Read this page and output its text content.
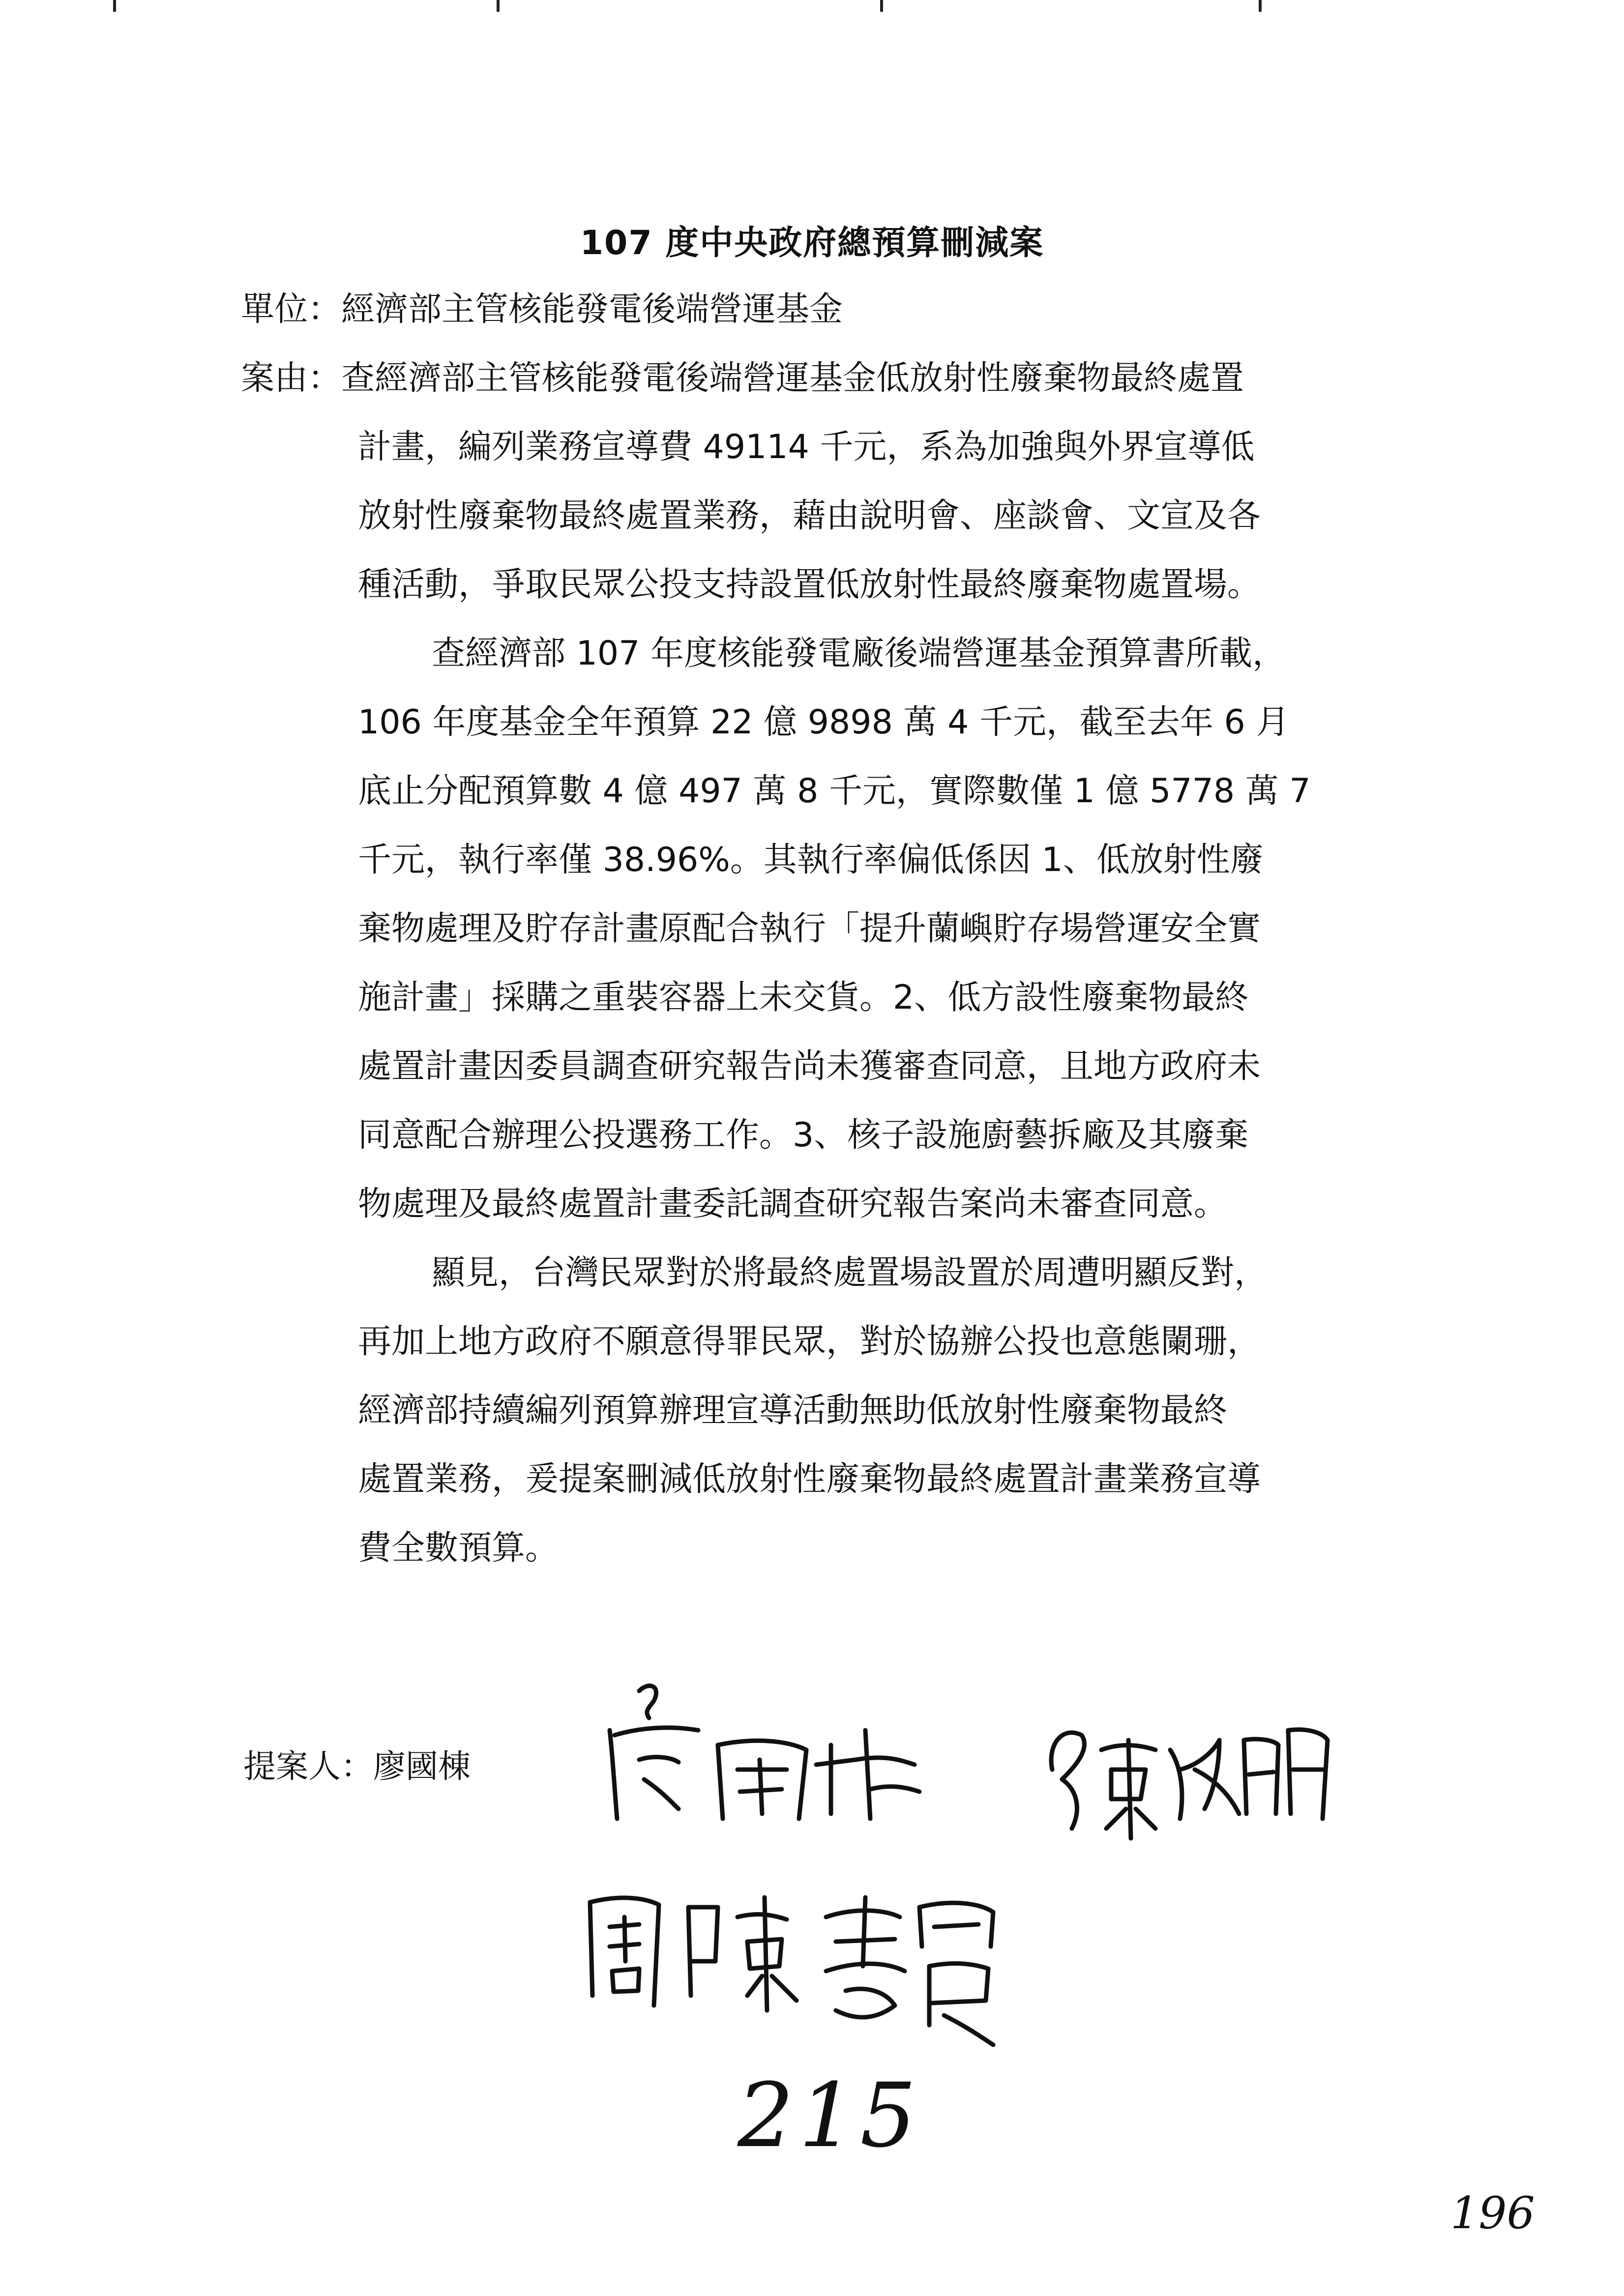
107 度中央政府總預算刪減案
單位：經濟部主管核能發電後端營運基金
案由：查經濟部主管核能發電後端營運基金低放射性廢棄物最終處置
計畫，編列業務宣導費 49114 千元，系為加強與外界宣導低
放射性廢棄物最終處置業務，藉由說明會、座談會、文宣及各
種活動，爭取民眾公投支持設置低放射性最終廢棄物處置場。
查經濟部 107 年度核能發電廠後端營運基金預算書所載，
106 年度基金全年預算 22 億 9898 萬 4 千元，截至去年 6 月
底止分配預算數 4 億 497 萬 8 千元，實際數僅 1 億 5778 萬 7
千元，執行率僅 38.96%。其執行率偏低係因 1、低放射性廢
棄物處理及貯存計畫原配合執行「提升蘭嶼貯存場營運安全實
施計畫」採購之重裝容器上未交貨。2、低方設性廢棄物最終
處置計畫因委員調查研究報告尚未獲審查同意，且地方政府未
同意配合辦理公投選務工作。3、核子設施廚藝拆廠及其廢棄
物處理及最終處置計畫委託調查研究報告案尚未審查同意。
顯見，台灣民眾對於將最終處置場設置於周遭明顯反對，
再加上地方政府不願意得罪民眾，對於協辦公投也意態闌珊，
經濟部持續編列預算辦理宣導活動無助低放射性廢棄物最終
處置業務，爰提案刪減低放射性廢棄物最終處置計畫業務宣導
費全數預算。
提案人：廖國棟
215
196
